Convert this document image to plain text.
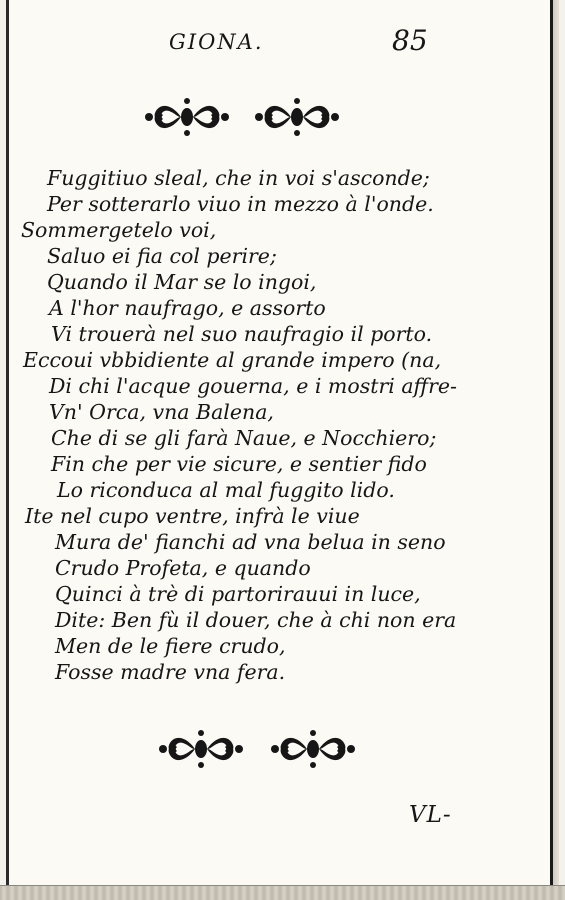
GIONA.	85
Fuggitiuo sleal, che in voi s'asconde;
Per sotterarlo viuo in mezzo à l'onde.
Sommergetelo voi,
Saluo ei fia col perire;
Quando il Mar se lo ingoi,
A l'hor naufrago, e assorto
Vi trouerà nel suo naufragio il porto.
Eccoui vbbidiente al grande impero (na,
Di chi l'acque gouerna, e i mostri affre-
Vn' Orca, vna Balena,
Che di se gli farà Naue, e Nocchiero;
Fin che per vie sicure, e sentier fido
Lo riconduca al mal fuggito lido.
Ite nel cupo ventre, infrà le viue
Mura de' fianchi ad vna belua in seno
Crudo Profeta, e quando
Quinci à trè di partorirauui in luce,
Dite: Ben fù il douer, che à chi non era
Men de le fiere crudo,
Fosse madre vna fera.
VL-
